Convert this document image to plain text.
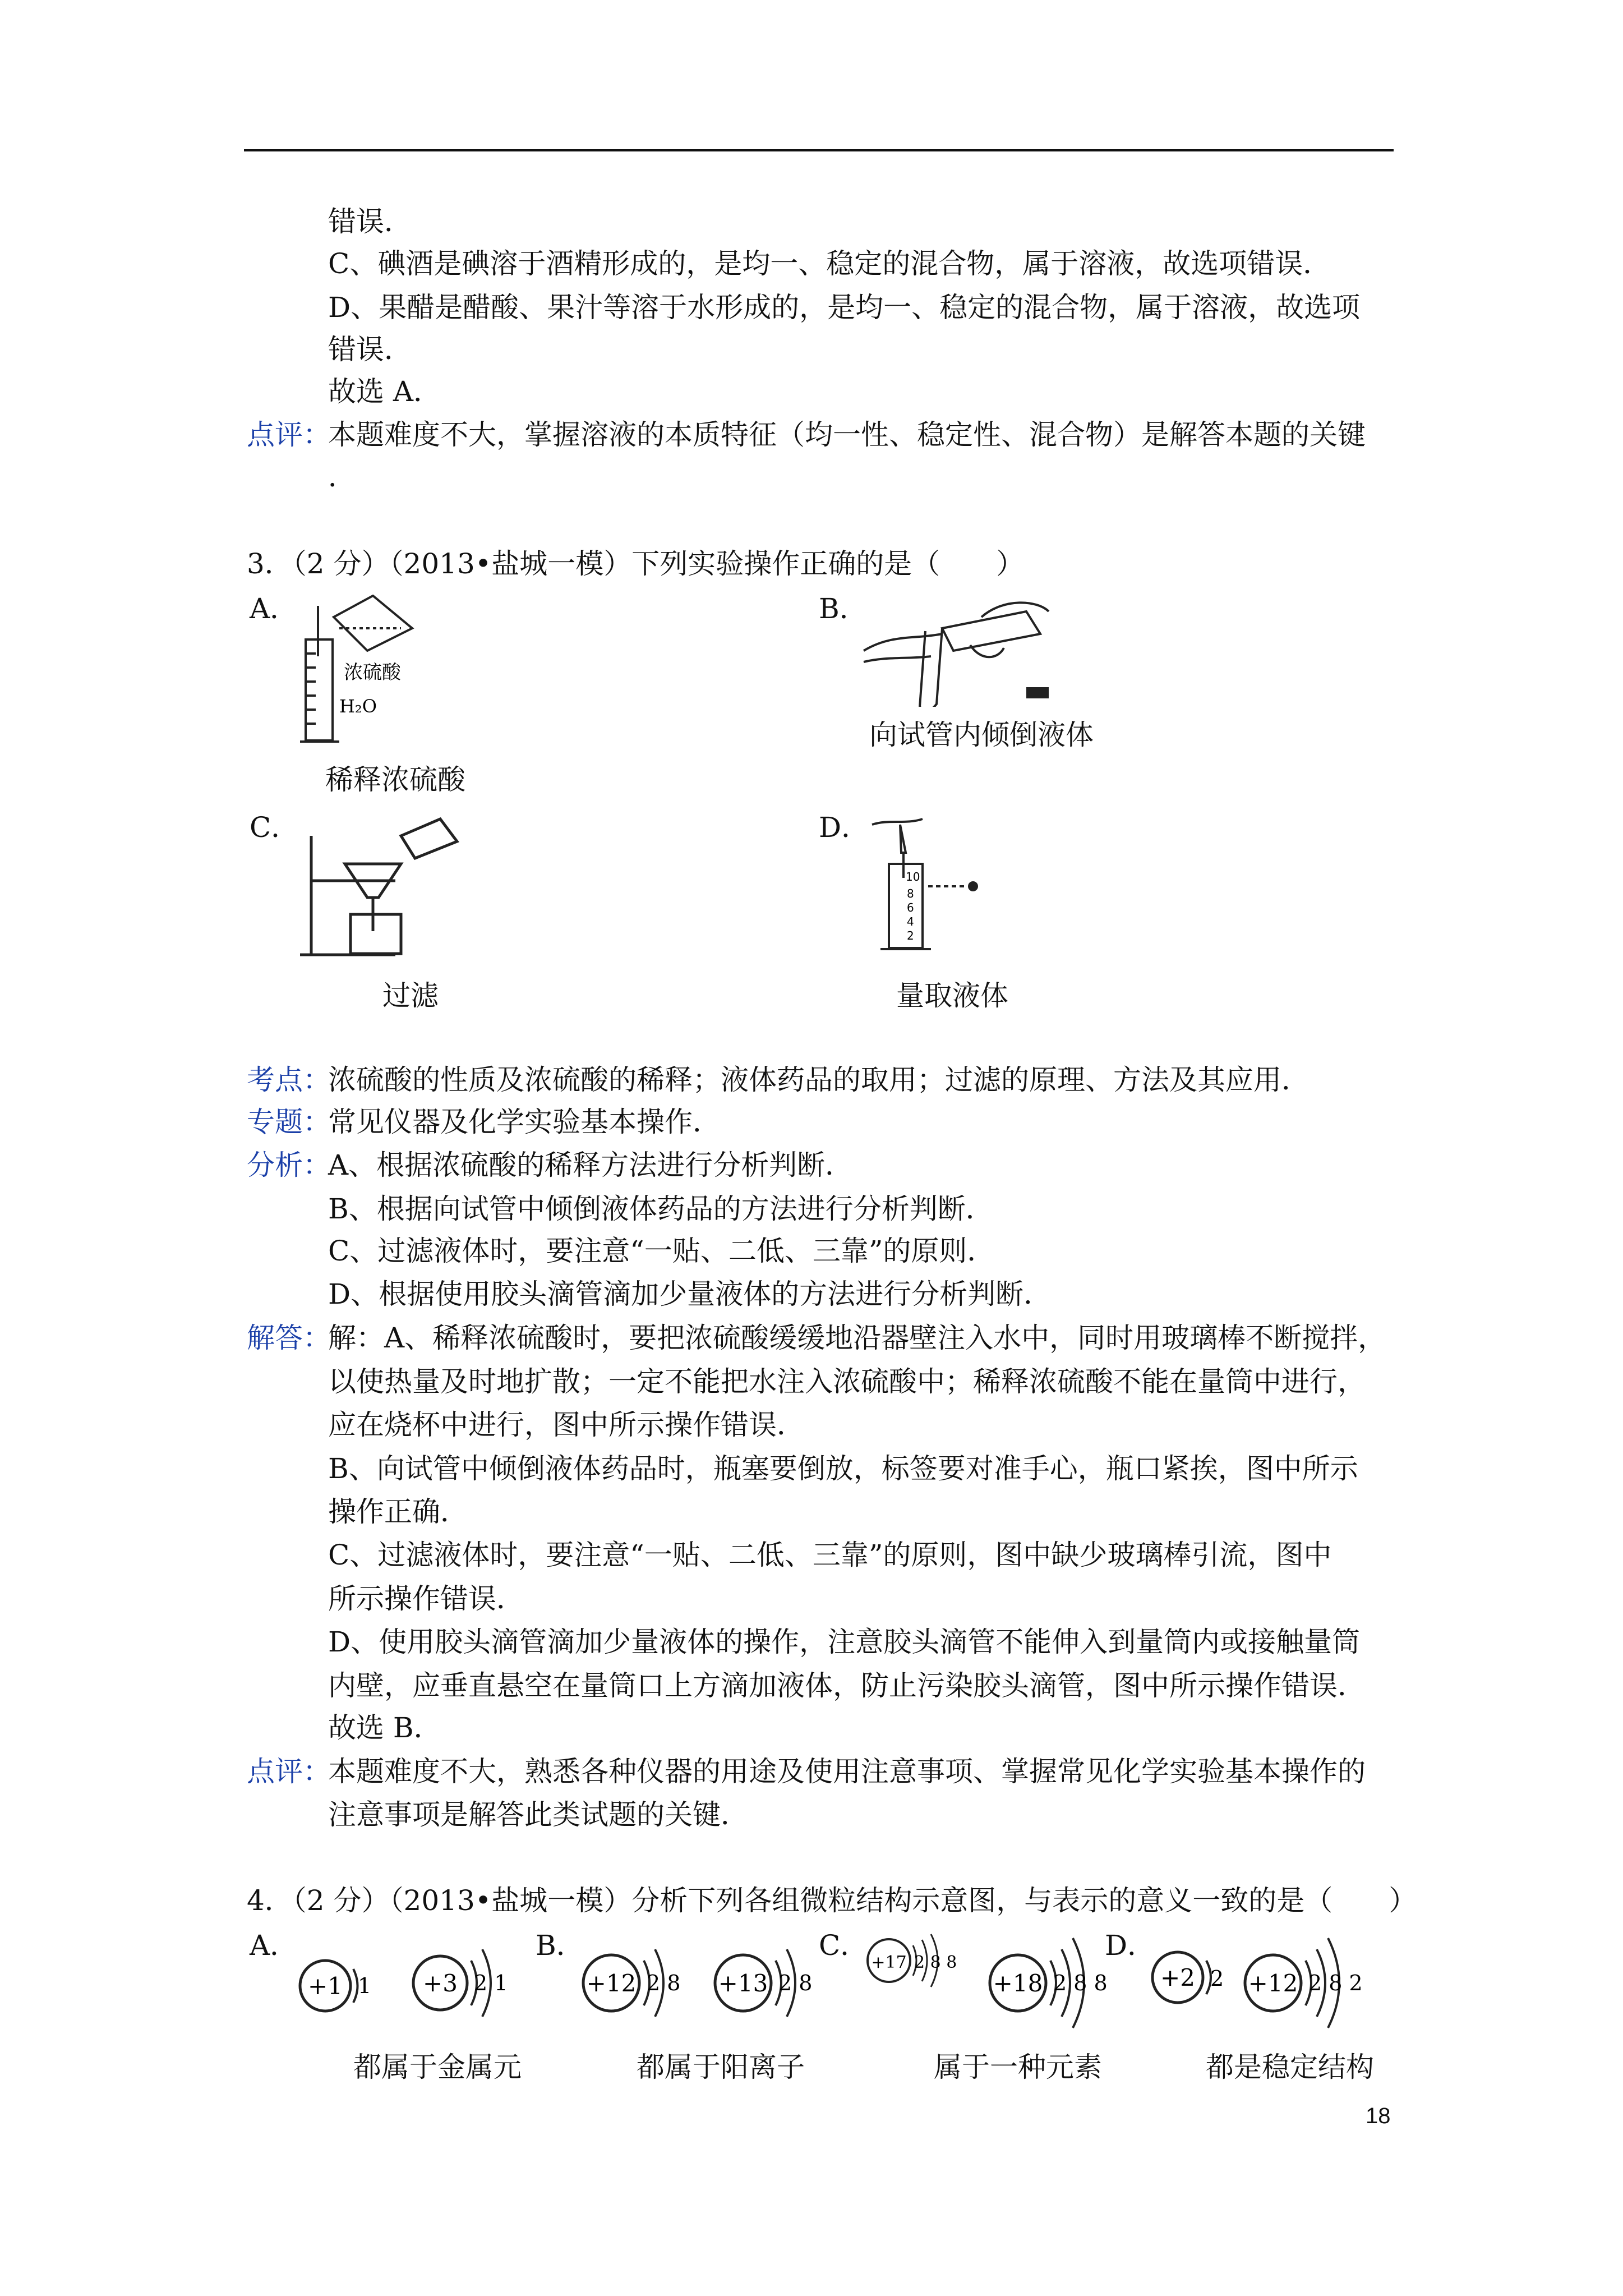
错误．
C、碘酒是碘溶于酒精形成的，是均一、稳定的混合物，属于溶液，故选项错误．
D、果醋是醋酸、果汁等溶于水形成的，是均一、稳定的混合物，属于溶液，故选项
错误．
故选 A．
点评：
本题难度不大，掌握溶液的本质特征（均一性、稳定性、混合物）是解答本题的关键
．
3．（2 分）（2013•盐城一模）下列实验操作正确的是（　　）
A．	B．
浓硫酸
H₂O
向试管内倾倒液体
稀释浓硫酸
C．	D．
10
8
6
4
2
过滤	量取液体
考点：
浓硫酸的性质及浓硫酸的稀释；液体药品的取用；过滤的原理、方法及其应用．
专题：
常见仪器及化学实验基本操作．
分析：
A、根据浓硫酸的稀释方法进行分析判断．
B、根据向试管中倾倒液体药品的方法进行分析判断．
C、过滤液体时，要注意“一贴、二低、三靠”的原则．
D、根据使用胶头滴管滴加少量液体的方法进行分析判断．
解答：
解：A、稀释浓硫酸时，要把浓硫酸缓缓地沿器壁注入水中，同时用玻璃棒不断搅拌，
以使热量及时地扩散；一定不能把水注入浓硫酸中；稀释浓硫酸不能在量筒中进行，
应在烧杯中进行，图中所示操作错误．
B、向试管中倾倒液体药品时，瓶塞要倒放，标签要对准手心，瓶口紧挨，图中所示
操作正确．
C、过滤液体时，要注意“一贴、二低、三靠”的原则，图中缺少玻璃棒引流，图中
所示操作错误．
D、使用胶头滴管滴加少量液体的操作，注意胶头滴管不能伸入到量筒内或接触量筒
内壁，应垂直悬空在量筒口上方滴加液体，防止污染胶头滴管，图中所示操作错误．
故选 B．
点评：
本题难度不大，熟悉各种仪器的用途及使用注意事项、掌握常见化学实验基本操作的
注意事项是解答此类试题的关键．
4．（2 分）（2013•盐城一模）分析下列各组微粒结构示意图，与表示的意义一致的是（　　）
A．	B．	C．	D．
+1 1 +3 2 1	+12 2 8 +13 2 8
+17 2 8 8
+18 2 8 8 +2 2 +12 2 8 2
都属于金属元	都属于阳离子	属于一种元素	都是稳定结构
18
